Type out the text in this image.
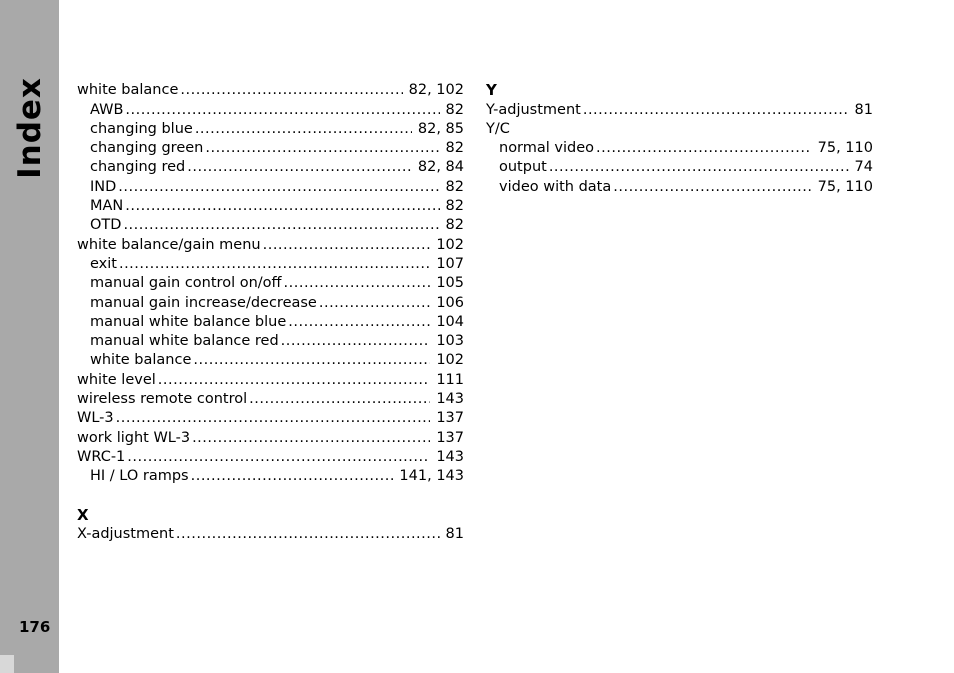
Index
176
white balance .....	82, 102
AWB .....	82
changing blue .....	82, 85
changing green .....	82
changing red .....	82, 84
IND .....	82
MAN .....	82
OTD .....	82
white balance/gain menu .....	102
exit .....	107
manual gain control on/off .....	105
manual gain increase/decrease .....	106
manual white balance blue .....	104
manual white balance red .....	103
white balance .....	102
white level .....	111
wireless remote control .....	143
WL-3 .....	137
work light WL-3 .....	137
WRC-1 .....	143
HI / LO ramps .....	141, 143
X
X-adjustment .....	81
Y
Y-adjustment .....	81
Y/C
normal video .....	75, 110
output .....	74
video with data .....	75, 110
